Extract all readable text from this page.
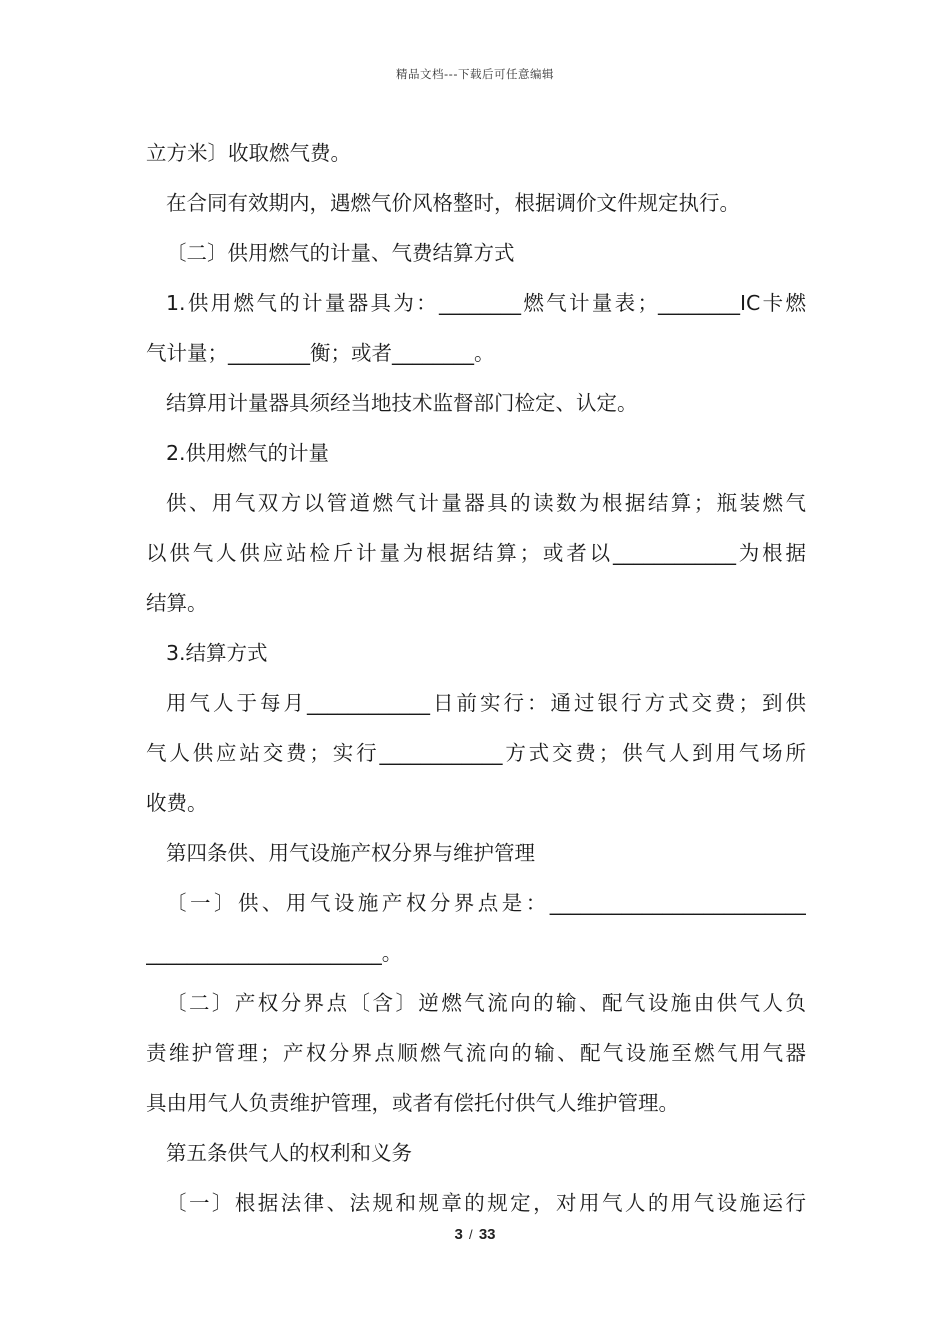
精品文档---下载后可任意编辑
立方米〕收取燃气费。
在合同有效期内，遇燃气价风格整时，根据调价文件规定执行。
〔二〕供用燃气的计量、气费结算方式
1.供用燃气的计量器具为：________燃气计量表；________IC卡燃
气计量；________衡；或者________。
结算用计量器具须经当地技术监督部门检定、认定。
2.供用燃气的计量
供、用气双方以管道燃气计量器具的读数为根据结算；瓶装燃气
以供气人供应站检斤计量为根据结算；或者以____________为根据
结算。
3.结算方式
用气人于每月____________日前实行：通过银行方式交费；到供
气人供应站交费；实行____________方式交费；供气人到用气场所
收费。
第四条供、用气设施产权分界与维护管理
〔一〕供、用气设施产权分界点是：_________________________
_______________________。
〔二〕产权分界点〔含〕逆燃气流向的输、配气设施由供气人负
责维护管理；产权分界点顺燃气流向的输、配气设施至燃气用气器
具由用气人负责维护管理，或者有偿托付供气人维护管理。
第五条供气人的权利和义务
〔一〕根据法律、法规和规章的规定，对用气人的用气设施运行
3 / 33
